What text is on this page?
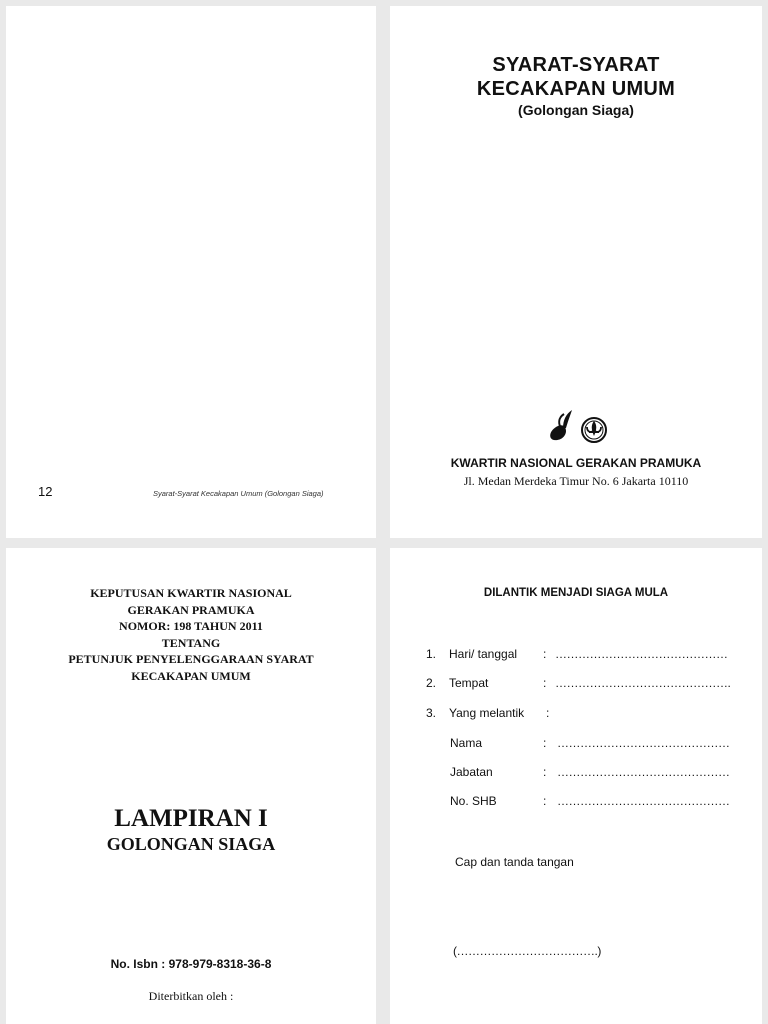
12	Syarat-Syarat Kecakapan Umum (Golongan Siaga)
SYARAT-SYARAT
KECAKAPAN UMUM
(Golongan Siaga)
KWARTIR NASIONAL GERAKAN PRAMUKA
Jl. Medan Merdeka Timur No. 6 Jakarta 10110
KEPUTUSAN KWARTIR NASIONAL
GERAKAN PRAMUKA
NOMOR: 198 TAHUN 2011
TENTANG
PETUNJUK PENYELENGGARAAN SYARAT
KECAKAPAN UMUM
LAMPIRAN I
GOLONGAN SIAGA
No. Isbn : 978-979-8318-36-8
Diterbitkan oleh :
DILANTIK MENJADI SIAGA MULA
1. Hari/ tanggal : ………………………………………
2. Tempat	: ……………………………………….
3. Yang melantik :
Nama	: ………………………………………
Jabatan	: ………………………………………
No. SHB	: ………………………………………
Cap dan tanda tangan
(……………………………….)
